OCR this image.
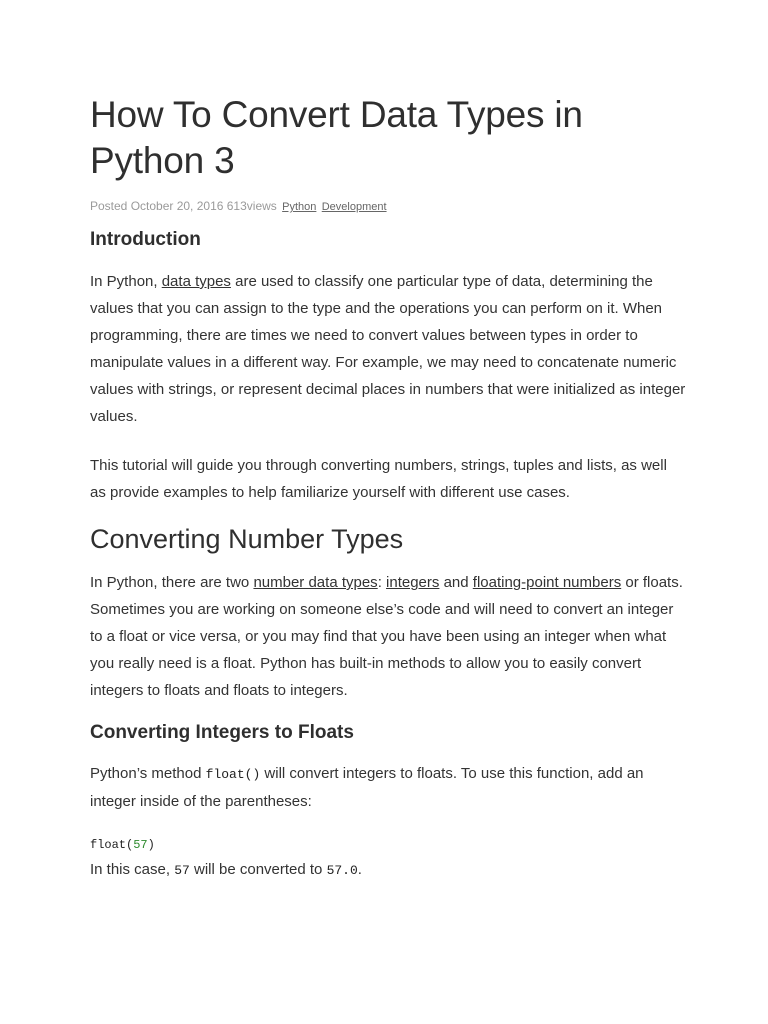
How To Convert Data Types in Python 3
Posted October 20, 2016 613views Python Development
Introduction

In Python, data types are used to classify one particular type of data, determining the values that you can assign to the type and the operations you can perform on it. When programming, there are times we need to convert values between types in order to manipulate values in a different way. For example, we may need to concatenate numeric values with strings, or represent decimal places in numbers that were initialized as integer values.

This tutorial will guide you through converting numbers, strings, tuples and lists, as well as provide examples to help familiarize yourself with different use cases.

Converting Number Types

In Python, there are two number data types: integers and floating-point numbers or floats. Sometimes you are working on someone else’s code and will need to convert an integer to a float or vice versa, or you may find that you have been using an integer when what you really need is a float. Python has built-in methods to allow you to easily convert integers to floats and floats to integers.

Converting Integers to Floats

Python’s method float() will convert integers to floats. To use this function, add an integer inside of the parentheses:

float(57)

In this case, 57 will be converted to 57.0.
